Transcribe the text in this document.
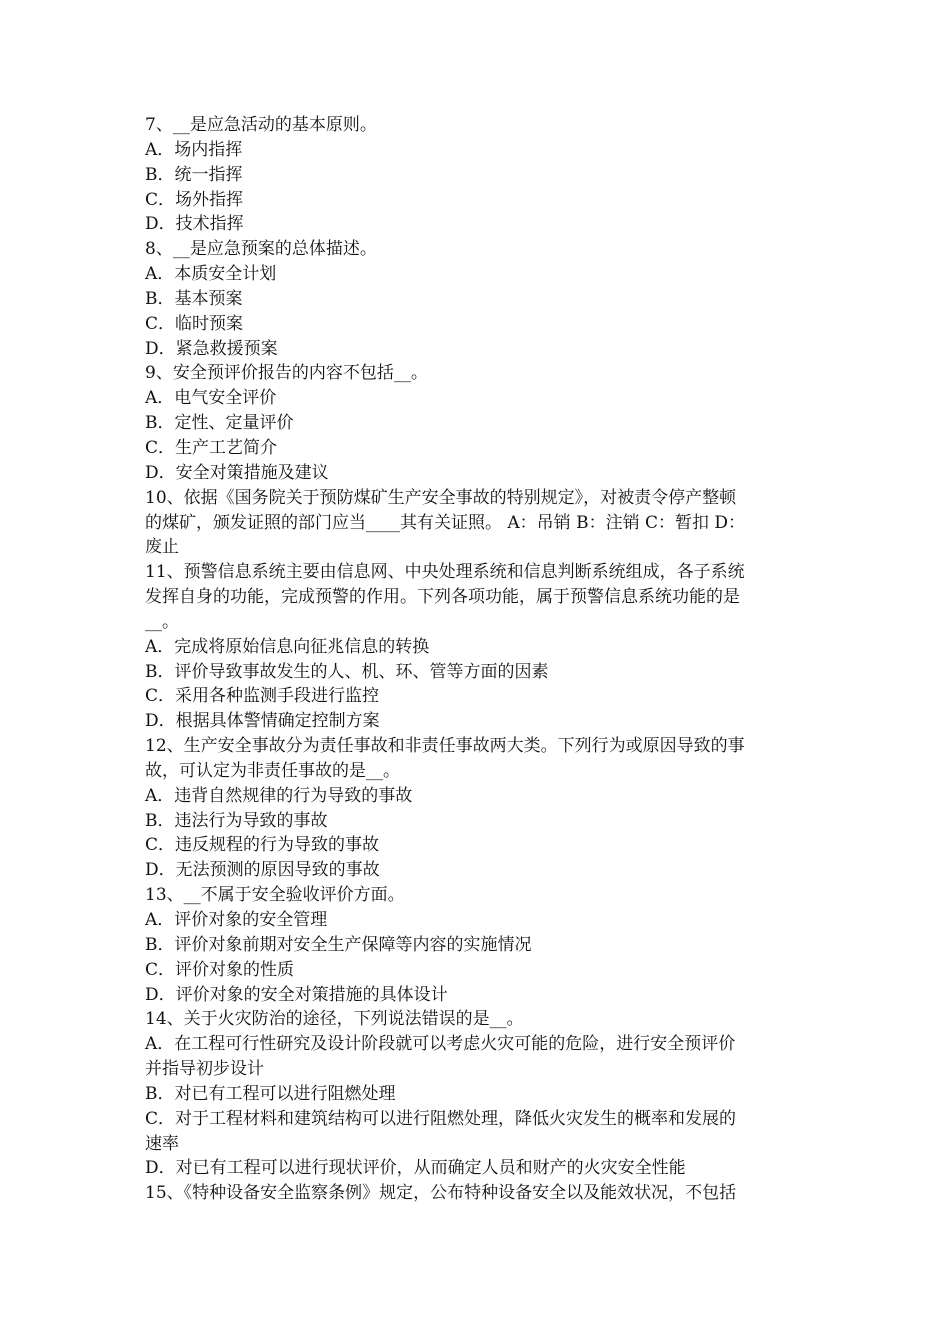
7、__是应急活动的基本原则。
A．场内指挥
B．统一指挥
C．场外指挥
D．技术指挥
8、__是应急预案的总体描述。
A．本质安全计划
B．基本预案
C．临时预案
D．紧急救援预案
9、安全预评价报告的内容不包括__。
A．电气安全评价
B．定性、定量评价
C．生产工艺简介
D．安全对策措施及建议
10、依据《国务院关于预防煤矿生产安全事故的特别规定》，对被责令停产整顿
的煤矿，颁发证照的部门应当____其有关证照。 A：吊销 B：注销 C：暂扣 D：
废止
11、预警信息系统主要由信息网、中央处理系统和信息判断系统组成，各子系统
发挥自身的功能，完成预警的作用。下列各项功能，属于预警信息系统功能的是
__。
A．完成将原始信息向征兆信息的转换
B．评价导致事故发生的人、机、环、管等方面的因素
C．采用各种监测手段进行监控
D．根据具体警情确定控制方案
12、生产安全事故分为责任事故和非责任事故两大类。下列行为或原因导致的事
故，可认定为非责任事故的是__。
A．违背自然规律的行为导致的事故
B．违法行为导致的事故
C．违反规程的行为导致的事故
D．无法预测的原因导致的事故
13、__不属于安全验收评价方面。
A．评价对象的安全管理
B．评价对象前期对安全生产保障等内容的实施情况
C．评价对象的性质
D．评价对象的安全对策措施的具体设计
14、关于火灾防治的途径，下列说法错误的是__。
A．在工程可行性研究及设计阶段就可以考虑火灾可能的危险，进行安全预评价
并指导初步设计
B．对已有工程可以进行阻燃处理
C．对于工程材料和建筑结构可以进行阻燃处理，降低火灾发生的概率和发展的
速率
D．对已有工程可以进行现状评价，从而确定人员和财产的火灾安全性能
15、《特种设备安全监察条例》规定，公布特种设备安全以及能效状况，不包括
